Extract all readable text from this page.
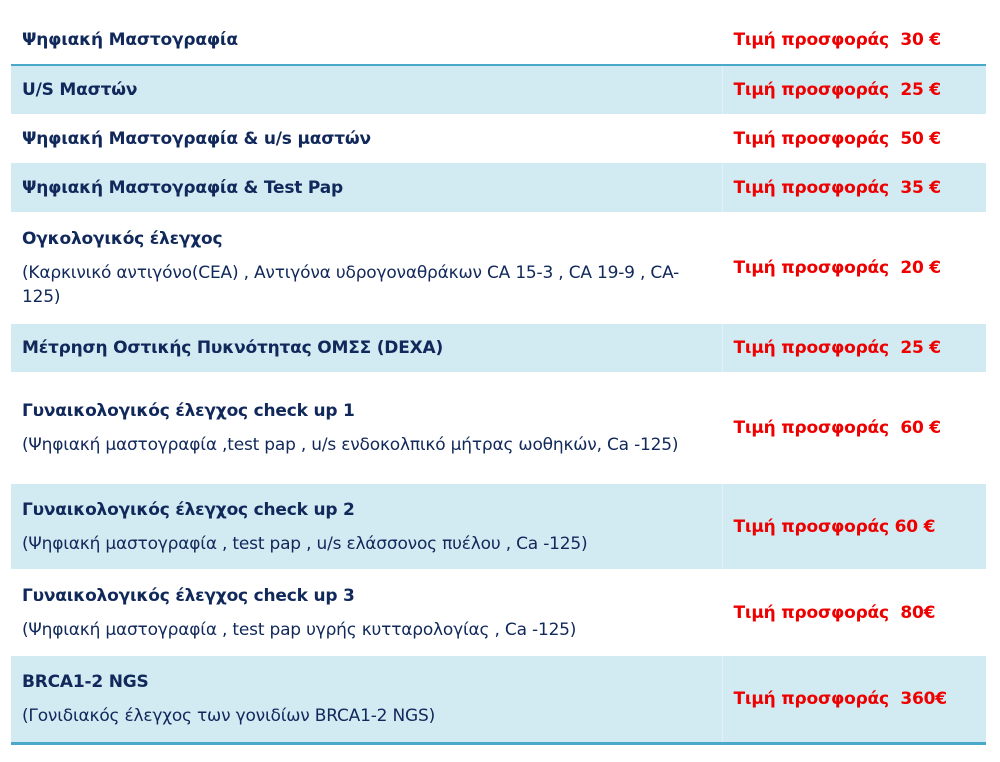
Ψηφιακή Μαστογραφία	Τιμή προσφοράς  30 €

U/S Μαστών	Τιμή προσφοράς  25 €

Ψηφιακή Μαστογραφία & u/s μαστών	Τιμή προσφοράς  50 €

Ψηφιακή Μαστογραφία & Test Pap	Τιμή προσφοράς  35 €

Ογκολογικός έλεγχος
(Καρκινικό αντιγόνο(CEA) , Αντιγόνα υδρογοναθράκων CA 15-3 , CA 19-9 , CA-125)	Τιμή προσφοράς  20 €

Μέτρηση Οστικής Πυκνότητας ΟΜΣΣ (DEXA)	Τιμή προσφοράς  25 €

Γυναικολογικός έλεγχος check up 1
(Ψηφιακή μαστογραφία ,test pap , u/s ενδοκολπικό μήτρας ωοθηκών, Ca -125)	Τιμή προσφοράς  60 €

Γυναικολογικός έλεγχος check up 2
(Ψηφιακή μαστογραφία , test pap , u/s ελάσσονος πυέλου , Ca -125)	Τιμή προσφοράς 60 €

Γυναικολογικός έλεγχος check up 3
(Ψηφιακή μαστογραφία , test pap υγρής κυτταρολογίας , Ca -125)	Τιμή προσφοράς  80€

BRCA1-2 NGS
(Γονιδιακός έλεγχος των γονιδίων BRCA1-2 NGS)	Τιμή προσφοράς  360€
